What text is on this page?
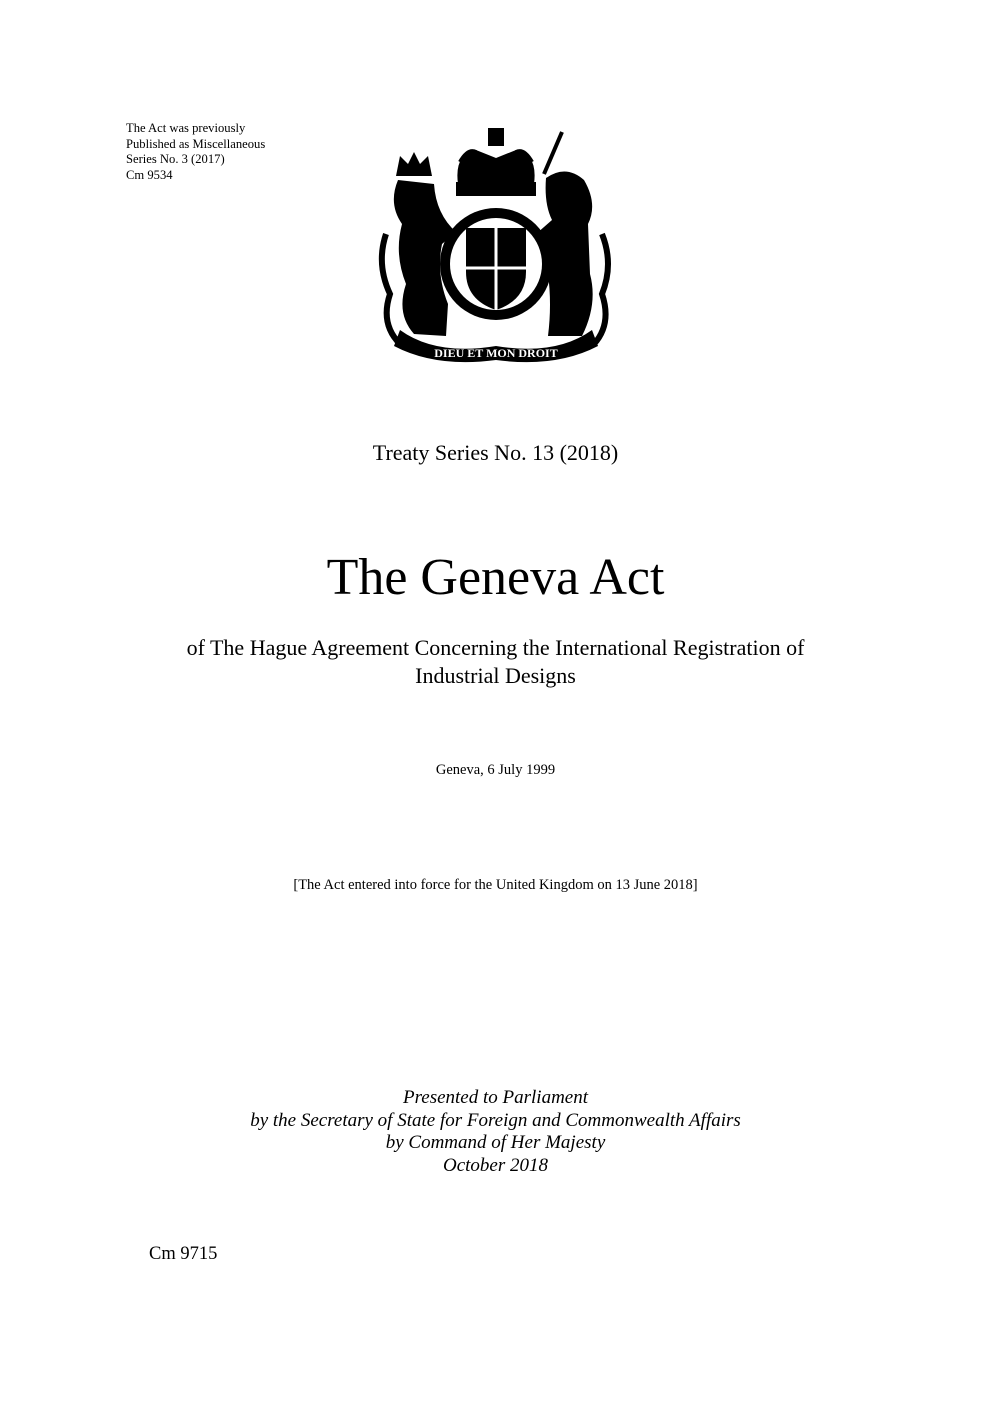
The Act was previously
Published as Miscellaneous
Series No. 3 (2017)
Cm 9534
DIEU ET MON DROIT
Treaty Series No. 13 (2018)
The Geneva Act
of The Hague Agreement Concerning the International Registration of
Industrial Designs
Geneva, 6 July 1999
[The Act entered into force for the United Kingdom on 13 June 2018]
Presented to Parliament
by the Secretary of State for Foreign and Commonwealth Affairs
by Command of Her Majesty
October 2018
Cm 9715
